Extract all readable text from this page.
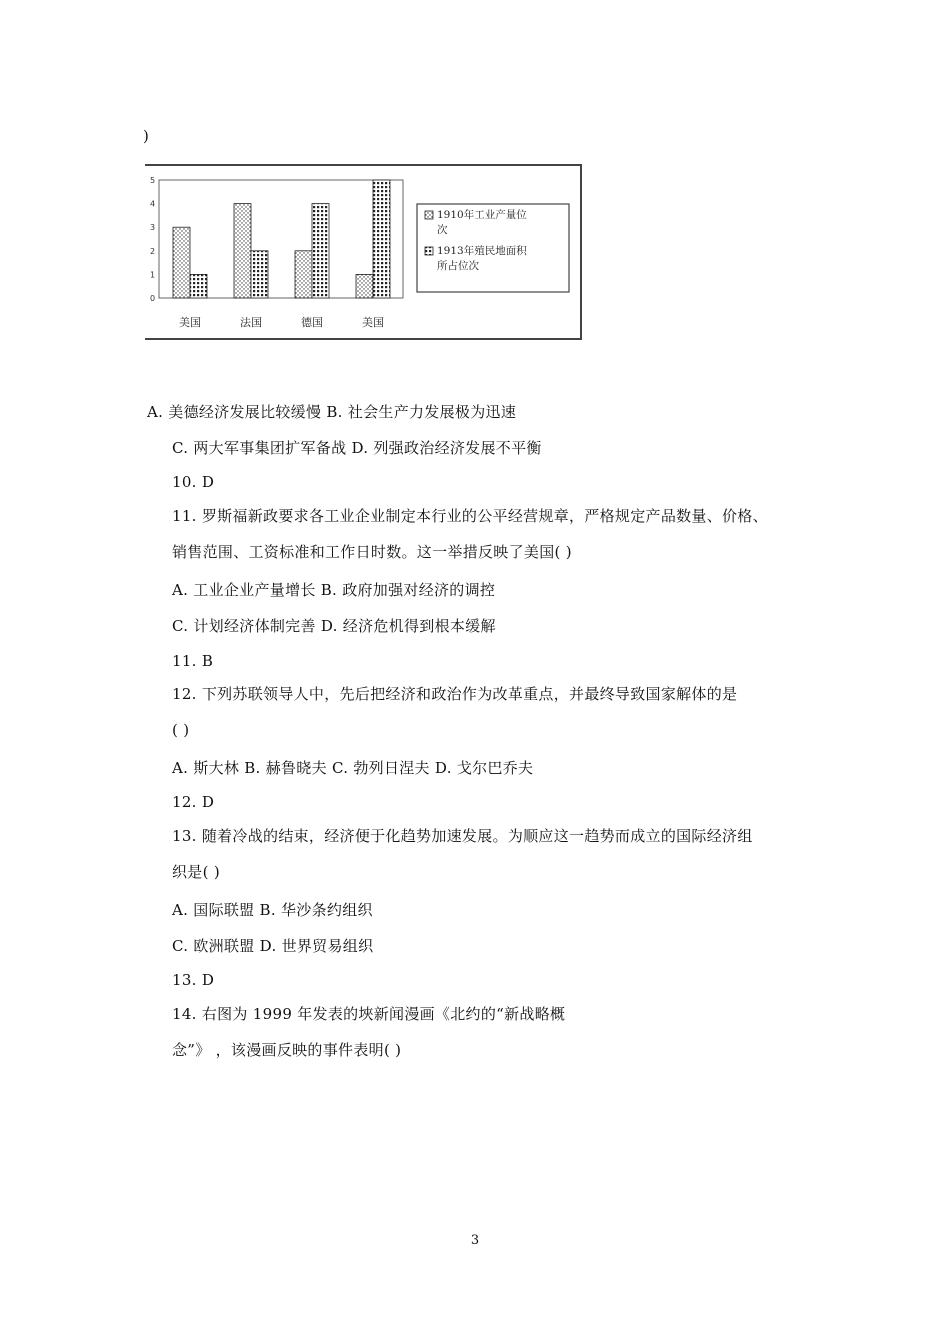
)
0
1
2
3
4
5
美国	法国	德国	美国
1910年工业产量位
次
1913年殖民地面积
所占位次
A. 美德经济发展比较缓慢 B. 社会生产力发展极为迅速
C. 两大军事集团扩军备战 D. 列强政治经济发展不平衡
10. D
11. 罗斯福新政要求各工业企业制定本行业的公平经营规章，严格规定产品数量、价格、
销售范围、工资标准和工作日时数。这一举措反映了美国( )
A. 工业企业产量增长 B. 政府加强对经济的调控
C. 计划经济体制完善 D. 经济危机得到根本缓解
11. B
12. 下列苏联领导人中，先后把经济和政治作为改革重点，并最终导致国家解体的是
( )
A. 斯大林 B. 赫鲁晓夫 C. 勃列日涅夫 D. 戈尔巴乔夫
12. D
13. 随着冷战的结束，经济便于化趋势加速发展。为顺应这一趋势而成立的国际经济组
织是( )
A. 国际联盟 B. 华沙条约组织
C. 欧洲联盟 D. 世界贸易组织
13. D
14. 右图为 1999 年发表的埉新闻漫画《北约的“新战略概
念”》 ，该漫画反映的事件表明( )
3
